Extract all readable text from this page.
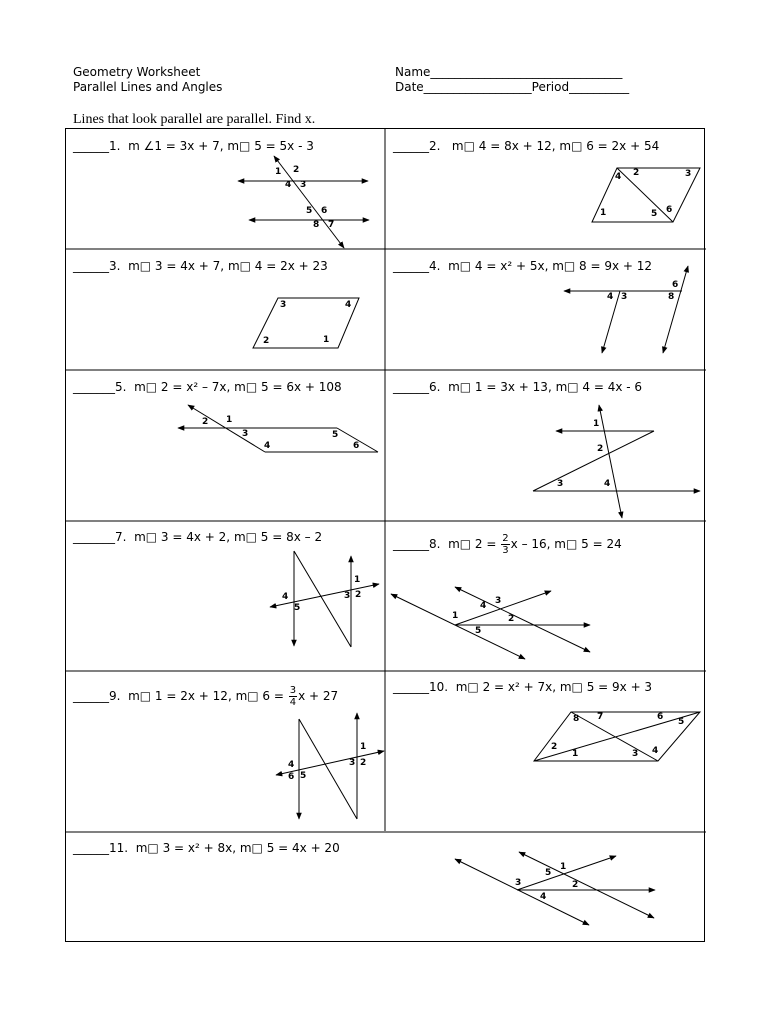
Geometry Worksheet
Parallel Lines and Angles
Name________________________________
Date__________________Period__________
Lines that look parallel are parallel. Find x.
______1. m ∠1 = 3x + 7, m□ 5 = 5x - 3
1 2
4 3
5 6
8 7
______2. m□ 4 = 8x + 12, m□ 6 = 2x + 54
4 2	3
1	5 6
______3. m□ 3 = 4x + 7, m□ 4 = 2x + 23
3	4
2	1
______4. m□ 4 = x² + 5x, m□ 8 = 9x + 12
6
4 3	8
_______5. m□ 2 = x² – 7x, m□ 5 = 6x + 108
2 1
3
4
5
6
______6. m□ 1 = 3x + 13, m□ 4 = 4x - 6
1
2
3	4
_______7. m□ 3 = 4x + 2, m□ 5 = 8x – 2
1
4	3 2
5
______8. m□ $2 = \frac{2}{3}$ x – 16, m□ 5 = 24
3
4
1	2
5
______9. m□ 1 = 2x + 12, m□ $6 = \frac{3}{4}$ x + 27
1
4	3 2
6 5
______10. m□ 2 = x² + 7x, m□ 5 = 9x + 3
8 7	6 5
2
1	3 4
______11. m□ 3 = x² + 8x, m□ 5 = 4x + 20
5
1
3	2
4
